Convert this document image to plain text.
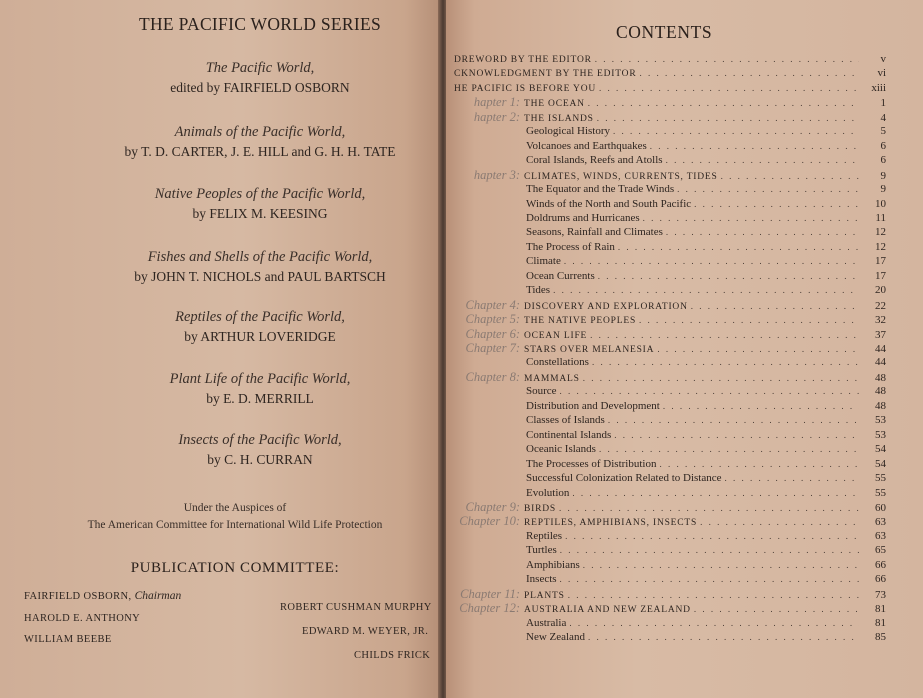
THE PACIFIC WORLD SERIES
The Pacific World,
edited by FAIRFIELD OSBORN
Animals of the Pacific World,
by T. D. CARTER, J. E. HILL and G. H. H. TATE
Native Peoples of the Pacific World,
by FELIX M. KEESING
Fishes and Shells of the Pacific World,
by JOHN T. NICHOLS and PAUL BARTSCH
Reptiles of the Pacific World,
by ARTHUR LOVERIDGE
Plant Life of the Pacific World,
by E. D. MERRILL
Insects of the Pacific World,
by C. H. CURRAN
Under the Auspices of
The American Committee for International Wild Life Protection
PUBLICATION COMMITTEE:
FAIRFIELD OSBORN, Chairman
HAROLD E. ANTHONY
WILLIAM BEEBE
ROBERT CUSHMAN MURPHY
EDWARD M. WEYER, JR.
CHILDS FRICK
CONTENTS
DREWORD BY THE EDITOR . . .	v
CKNOWLEDGMENT BY THE EDITOR . . .	vi
HE PACIFIC IS BEFORE YOU . . .	xiii
hapter 1: THE OCEAN . . .	1
hapter 2: THE ISLANDS . . .	4
Geological History . . .	5
Volcanoes and Earthquakes . . .	6
Coral Islands, Reefs and Atolls . . .	6
hapter 3: CLIMATES, WINDS, CURRENTS, TIDES . . .	9
The Equator and the Trade Winds . . .	9
Winds of the North and South Pacific . . .	10
Doldrums and Hurricanes . . .	11
Seasons, Rainfall and Climates . . .	12
The Process of Rain . . .	12
Climate . . .	17
Ocean Currents . . .	17
Tides . . .	20
Chapter 4: DISCOVERY AND EXPLORATION . . .	22
Chapter 5: THE NATIVE PEOPLES . . .	32
Chapter 6: OCEAN LIFE . . .	37
Chapter 7: STARS OVER MELANESIA . . .	44
Constellations . . .	44
Chapter 8: MAMMALS . . .	48
Source . . .	48
Distribution and Development . . .	48
Classes of Islands . . .	53
Continental Islands . . .	53
Oceanic Islands . . .	54
The Processes of Distribution . . .	54
Successful Colonization Related to Distance . . .	55
Evolution . . .	55
Chapter 9: BIRDS . . .	60
Chapter 10: REPTILES, AMPHIBIANS, INSECTS . . .	63
Reptiles . . .	63
Turtles . . .	65
Amphibians . . .	66
Insects . . .	66
Chapter 11: PLANTS . . .	73
Chapter 12: AUSTRALIA AND NEW ZEALAND . . .	81
Australia . . .	81
New Zealand . . .	85
